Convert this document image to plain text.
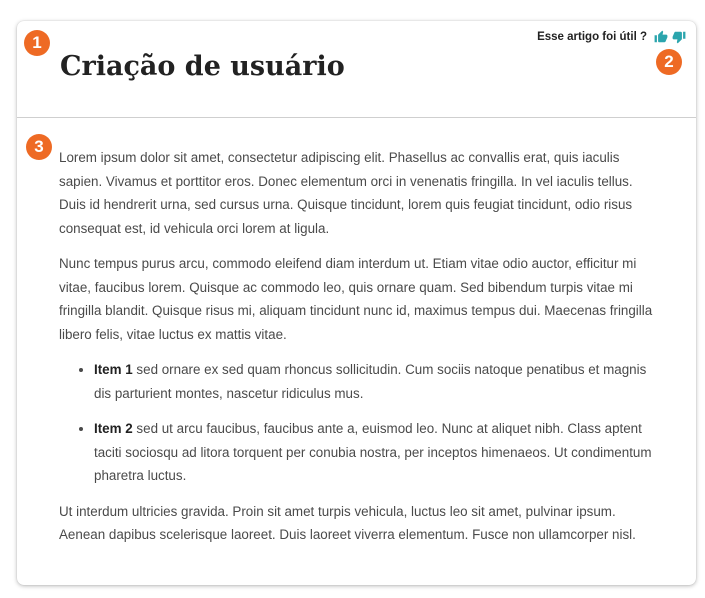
Criação de usuário
Esse artigo foi útil ?

Lorem ipsum dolor sit amet, consectetur adipiscing elit. Phasellus ac convallis erat, quis iaculis sapien. Vivamus et porttitor eros. Donec elementum orci in venenatis fringilla. In vel iaculis tellus. Duis id hendrerit urna, sed cursus urna. Quisque tincidunt, lorem quis feugiat tincidunt, odio risus consequat est, id vehicula orci lorem at ligula.

Nunc tempus purus arcu, commodo eleifend diam interdum ut. Etiam vitae odio auctor, efficitur mi vitae, faucibus lorem. Quisque ac commodo leo, quis ornare quam. Sed bibendum turpis vitae mi fringilla blandit. Quisque risus mi, aliquam tincidunt nunc id, maximus tempus dui. Maecenas fringilla libero felis, vitae luctus ex mattis vitae.

• Item 1 sed ornare ex sed quam rhoncus sollicitudin. Cum sociis natoque penatibus et magnis dis parturient montes, nascetur ridiculus mus.
• Item 2 sed ut arcu faucibus, faucibus ante a, euismod leo. Nunc at aliquet nibh. Class aptent taciti sociosqu ad litora torquent per conubia nostra, per inceptos himenaeos. Ut condimentum pharetra luctus.

Ut interdum ultricies gravida. Proin sit amet turpis vehicula, luctus leo sit amet, pulvinar ipsum. Aenean dapibus scelerisque laoreet. Duis laoreet viverra elementum. Fusce non ullamcorper nisl.

1
2
3
